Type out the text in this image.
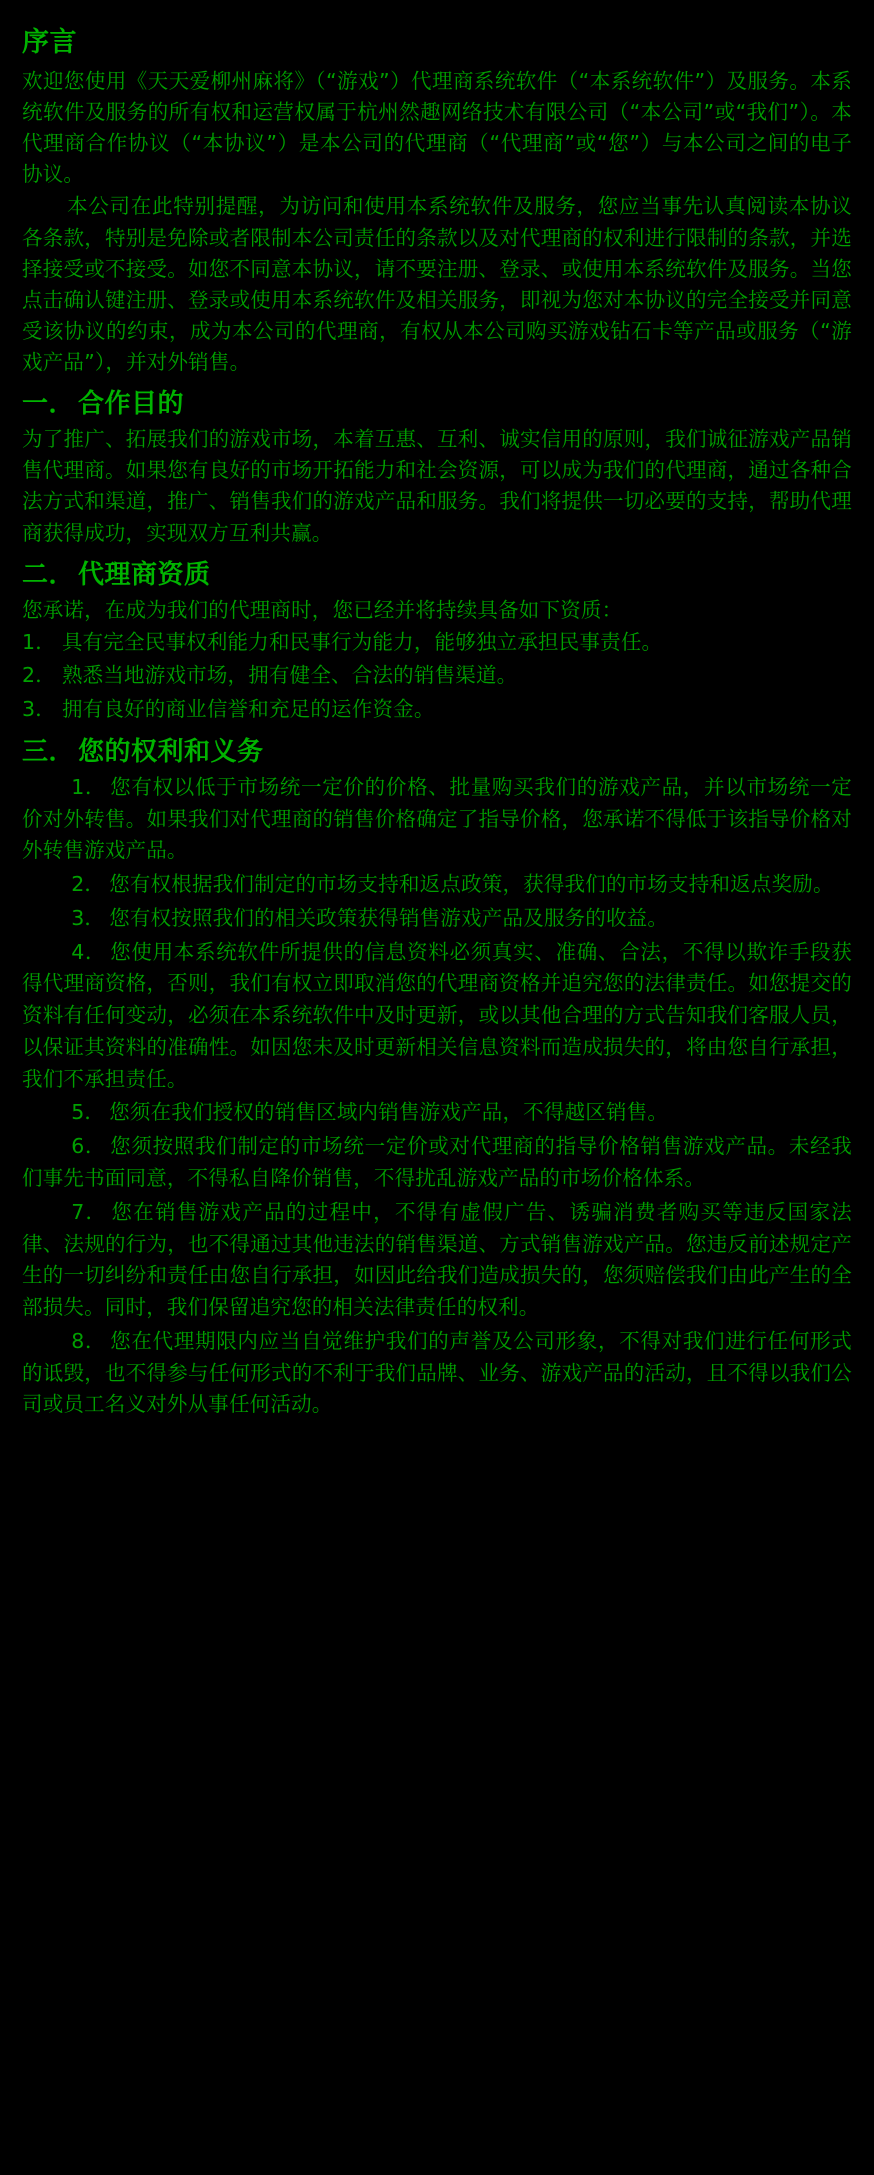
序言

欢迎您使用《天天爱柳州麻将》（“游戏”）代理商系统软件（“本系统软件”）及服务。本系统软件及服务的所有权和运营权属于杭州然趣网络技术有限公司（“本公司”或“我们”）。本代理商合作协议（“本协议”）是本公司的代理商（“代理商”或“您”）与本公司之间的电子协议。

本公司在此特别提醒，为访问和使用本系统软件及服务，您应当事先认真阅读本协议各条款，特别是免除或者限制本公司责任的条款以及对代理商的权利进行限制的条款，并选择接受或不接受。如您不同意本协议，请不要注册、登录、或使用本系统软件及服务。当您点击确认键注册、登录或使用本系统软件及相关服务，即视为您对本协议的完全接受并同意受该协议的约束，成为本公司的代理商，有权从本公司购买游戏钻石卡等产品或服务（“游戏产品”），并对外销售。

一． 合作目的

为了推广、拓展我们的游戏市场，本着互惠、互利、诚实信用的原则，我们诚征游戏产品销售代理商。如果您有良好的市场开拓能力和社会资源，可以成为我们的代理商，通过各种合法方式和渠道，推广、销售我们的游戏产品和服务。我们将提供一切必要的支持，帮助代理商获得成功，实现双方互利共赢。

二． 代理商资质

您承诺，在成为我们的代理商时，您已经并将持续具备如下资质：

1． 具有完全民事权利能力和民事行为能力，能够独立承担民事责任。
2． 熟悉当地游戏市场，拥有健全、合法的销售渠道。
3． 拥有良好的商业信誉和充足的运作资金。
三． 您的权利和义务
1． 您有权以低于市场统一定价的价格、批量购买我们的游戏产品，并以市场统一定价对外转售。如果我们对代理商的销售价格确定了指导价格，您承诺不得低于该指导价格对外转售游戏产品。
2． 您有权根据我们制定的市场支持和返点政策，获得我们的市场支持和返点奖励。
3． 您有权按照我们的相关政策获得销售游戏产品及服务的收益。
4． 您使用本系统软件所提供的信息资料必须真实、准确、合法，不得以欺诈手段获得代理商资格，否则，我们有权立即取消您的代理商资格并追究您的法律责任。如您提交的资料有任何变动，必须在本系统软件中及时更新，或以其他合理的方式告知我们客服人员，以保证其资料的准确性。如因您未及时更新相关信息资料而造成损失的，将由您自行承担，我们不承担责任。
5． 您须在我们授权的销售区域内销售游戏产品，不得越区销售。
6． 您须按照我们制定的市场统一定价或对代理商的指导价格销售游戏产品。未经我们事先书面同意，不得私自降价销售，不得扰乱游戏产品的市场价格体系。
7． 您在销售游戏产品的过程中，不得有虚假广告、诱骗消费者购买等违反国家法律、法规的行为，也不得通过其他违法的销售渠道、方式销售游戏产品。您违反前述规定产生的一切纠纷和责任由您自行承担，如因此给我们造成损失的，您须赔偿我们由此产生的全部损失。同时，我们保留追究您的相关法律责任的权利。
8． 您在代理期限内应当自觉维护我们的声誉及公司形象，不得对我们进行任何形式的诋毁，也不得参与任何形式的不利于我们品牌、业务、游戏产品的活动，且不得以我们公司或员工名义对外从事任何活动。
